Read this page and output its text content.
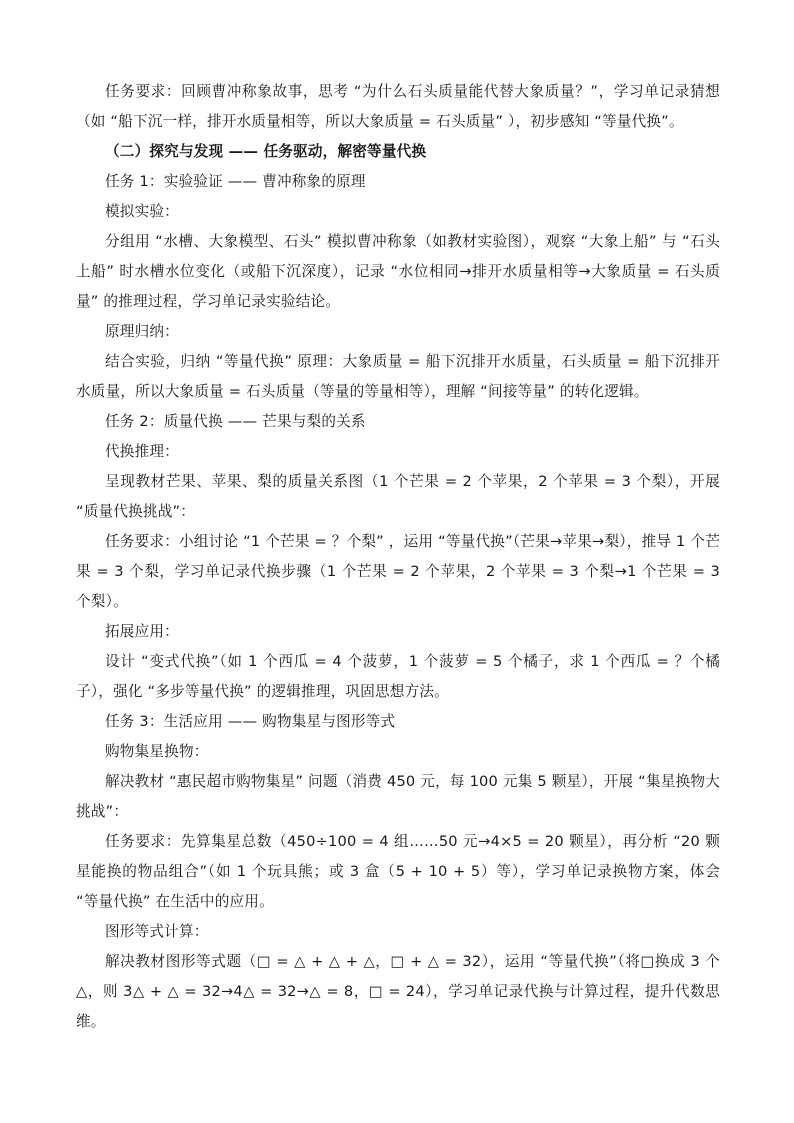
任务要求：回顾曹冲称象故事，思考 “为什么石头质量能代替大象质量？”，学习单记录猜想（如 “船下沉一样，排开水质量相等，所以大象质量 = 石头质量” ），初步感知 “等量代换”。

（二）探究与发现 —— 任务驱动，解密等量代换

任务 1：实验验证 —— 曹冲称象的原理

模拟实验：

分组用 “水槽、大象模型、石头” 模拟曹冲称象（如教材实验图），观察 “大象上船” 与 “石头上船” 时水槽水位变化（或船下沉深度），记录 “水位相同→排开水质量相等→大象质量 = 石头质量” 的推理过程，学习单记录实验结论。

原理归纳：

结合实验，归纳 “等量代换” 原理：大象质量 = 船下沉排开水质量，石头质量 = 船下沉排开水质量，所以大象质量 = 石头质量（等量的等量相等），理解 “间接等量” 的转化逻辑。

任务 2：质量代换 —— 芒果与梨的关系

代换推理：

呈现教材芒果、苹果、梨的质量关系图（1 个芒果 = 2 个苹果，2 个苹果 = 3 个梨），开展 “质量代换挑战”：

任务要求：小组讨论 “1 个芒果 = ？个梨” ，运用 “等量代换”（芒果→苹果→梨），推导 1 个芒果 = 3 个梨，学习单记录代换步骤（1 个芒果 = 2 个苹果，2 个苹果 = 3 个梨→1 个芒果 = 3 个梨）。

拓展应用：

设计 “变式代换”（如 1 个西瓜 = 4 个菠萝，1 个菠萝 = 5 个橘子，求 1 个西瓜 = ？个橘子），强化 “多步等量代换” 的逻辑推理，巩固思想方法。

任务 3：生活应用 —— 购物集星与图形等式

购物集星换物：

解决教材 “惠民超市购物集星” 问题（消费 450 元，每 100 元集 5 颗星），开展 “集星换物大挑战”：

任务要求：先算集星总数（450÷100 = 4 组……50 元→4×5 = 20 颗星），再分析 “20 颗星能换的物品组合”（如 1 个玩具熊；或 3 盒（5 + 10 + 5）等），学习单记录换物方案，体会 “等量代换” 在生活中的应用。

图形等式计算：

解决教材图形等式题（□ = △ + △ + △，□ + △ = 32），运用 “等量代换”（将□换成 3 个△，则 3△ + △ = 32→4△ = 32→△ = 8，□ = 24），学习单记录代换与计算过程，提升代数思维。
